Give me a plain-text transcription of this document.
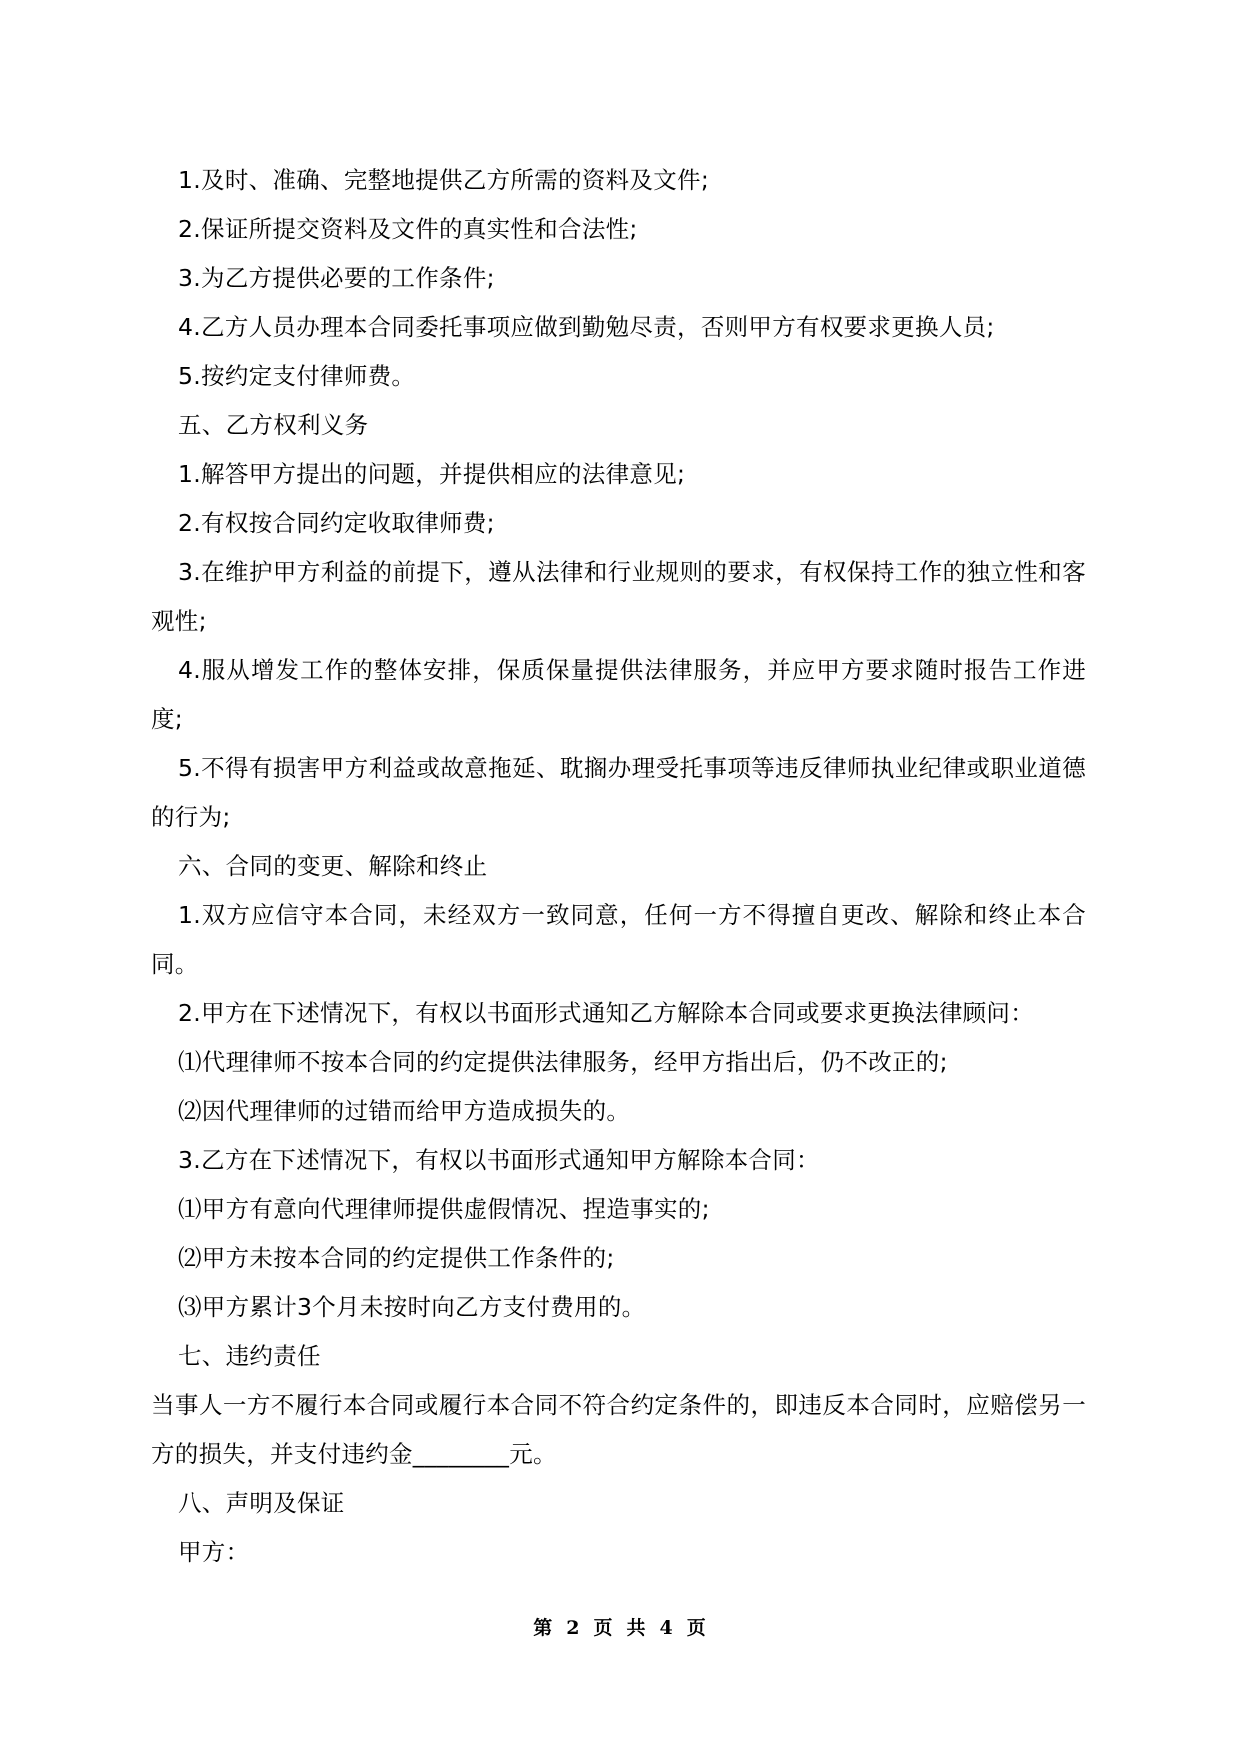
1.及时、准确、完整地提供乙方所需的资料及文件;

2.保证所提交资料及文件的真实性和合法性;

3.为乙方提供必要的工作条件;

4.乙方人员办理本合同委托事项应做到勤勉尽责，否则甲方有权要求更换人员;

5.按约定支付律师费。

五、乙方权利义务

1.解答甲方提出的问题，并提供相应的法律意见;

2.有权按合同约定收取律师费;

3.在维护甲方利益的前提下，遵从法律和行业规则的要求，有权保持工作的独立性和客观性;

4.服从增发工作的整体安排，保质保量提供法律服务，并应甲方要求随时报告工作进度;

5.不得有损害甲方利益或故意拖延、耽搁办理受托事项等违反律师执业纪律或职业道德的行为;

六、合同的变更、解除和终止

1.双方应信守本合同，未经双方一致同意，任何一方不得擅自更改、解除和终止本合同。

2.甲方在下述情况下，有权以书面形式通知乙方解除本合同或要求更换法律顾问：

⑴代理律师不按本合同的约定提供法律服务，经甲方指出后，仍不改正的;

⑵因代理律师的过错而给甲方造成损失的。

3.乙方在下述情况下，有权以书面形式通知甲方解除本合同：

⑴甲方有意向代理律师提供虚假情况、捏造事实的;

⑵甲方未按本合同的约定提供工作条件的;

⑶甲方累计3个月未按时向乙方支付费用的。

七、违约责任

当事人一方不履行本合同或履行本合同不符合约定条件的，即违反本合同时，应赔偿另一方的损失，并支付违约金________元。

八、声明及保证

甲方：

第 2 页 共 4 页
